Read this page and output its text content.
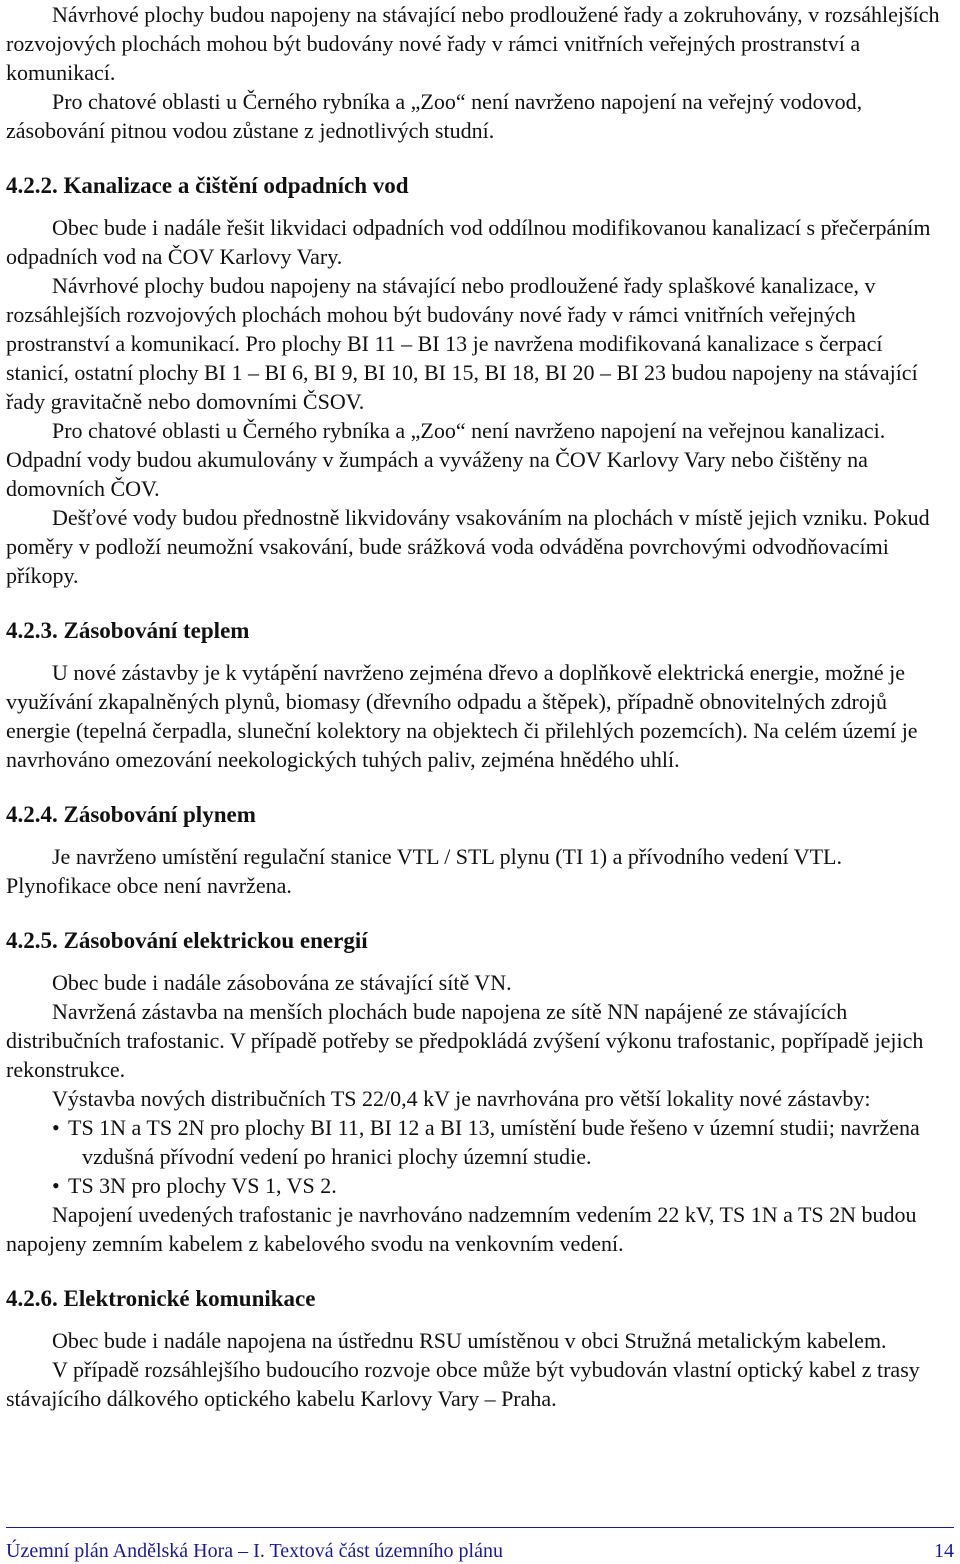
Návrhové plochy budou napojeny na stávající nebo prodloužené řady a zokruhovány, v rozsáhlejších rozvojových plochách mohou být budovány nové řady v rámci vnitřních veřejných prostranství a komunikací.

Pro chatové oblasti u Černého rybníka a „Zoo“ není navrženo napojení na veřejný vodovod, zásobování pitnou vodou zůstane z jednotlivých studní.

4.2.2. Kanalizace a čištění odpadních vod

Obec bude i nadále řešit likvidaci odpadních vod oddílnou modifikovanou kanalizací s přečerpáním odpadních vod na ČOV Karlovy Vary.

Návrhové plochy budou napojeny na stávající nebo prodloužené řady splaškové kanalizace, v rozsáhlejších rozvojových plochách mohou být budovány nové řady v rámci vnitřních veřejných prostranství a komunikací. Pro plochy BI 11 – BI 13 je navržena modifikovaná kanalizace s čerpací stanicí, ostatní plochy BI 1 – BI 6, BI 9, BI 10, BI 15, BI 18, BI 20 – BI 23 budou napojeny na stávající řady gravitačně nebo domovními ČSOV.

Pro chatové oblasti u Černého rybníka a „Zoo“ není navrženo napojení na veřejnou kanalizaci. Odpadní vody budou akumulovány v žumpách a vyváženy na ČOV Karlovy Vary nebo čištěny na domovních ČOV.

Dešťové vody budou přednostně likvidovány vsakováním na plochách v místě jejich vzniku. Pokud poměry v podloží neumožní vsakování, bude srážková voda odváděna povrchovými odvodňovacími příkopy.

4.2.3. Zásobování teplem

U nové zástavby je k vytápění navrženo zejména dřevo a doplňkově elektrická energie, možné je využívání zkapalněných plynů, biomasy (dřevního odpadu a štěpek), případně obnovitelných zdrojů energie (tepelná čerpadla, sluneční kolektory na objektech či přilehlých pozemcích). Na celém území je navrhováno omezování neekologických tuhých paliv, zejména hnědého uhlí.

4.2.4. Zásobování plynem

Je navrženo umístění regulační stanice VTL / STL plynu (TI 1) a přívodního vedení VTL. Plynofikace obce není navržena.

4.2.5. Zásobování elektrickou energií

Obec bude i nadále zásobována ze stávající sítě VN.

Navržená zástavba na menších plochách bude napojena ze sítě NN napájené ze stávajících distribučních trafostanic. V případě potřeby se předpokládá zvýšení výkonu trafostanic, popřípadě jejich rekonstrukce.

Výstavba nových distribučních TS 22/0,4 kV je navrhována pro větší lokality nové zástavby:

• TS 1N a TS 2N pro plochy BI 11, BI 12 a BI 13, umístění bude řešeno v územní studii; navržena vzdušná přívodní vedení po hranici plochy územní studie.
• TS 3N pro plochy VS 1, VS 2.

Napojení uvedených trafostanic je navrhováno nadzemním vedením 22 kV, TS 1N a TS 2N budou napojeny zemním kabelem z kabelového svodu na venkovním vedení.

4.2.6. Elektronické komunikace

Obec bude i nadále napojena na ústřednu RSU umístěnou v obci Stružná metalickým kabelem.

V případě rozsáhlejšího budoucího rozvoje obce může být vybudován vlastní optický kabel z trasy stávajícího dálkového optického kabelu Karlovy Vary – Praha.

Územní plán Andělská Hora – I. Textová část územního plánu	14
